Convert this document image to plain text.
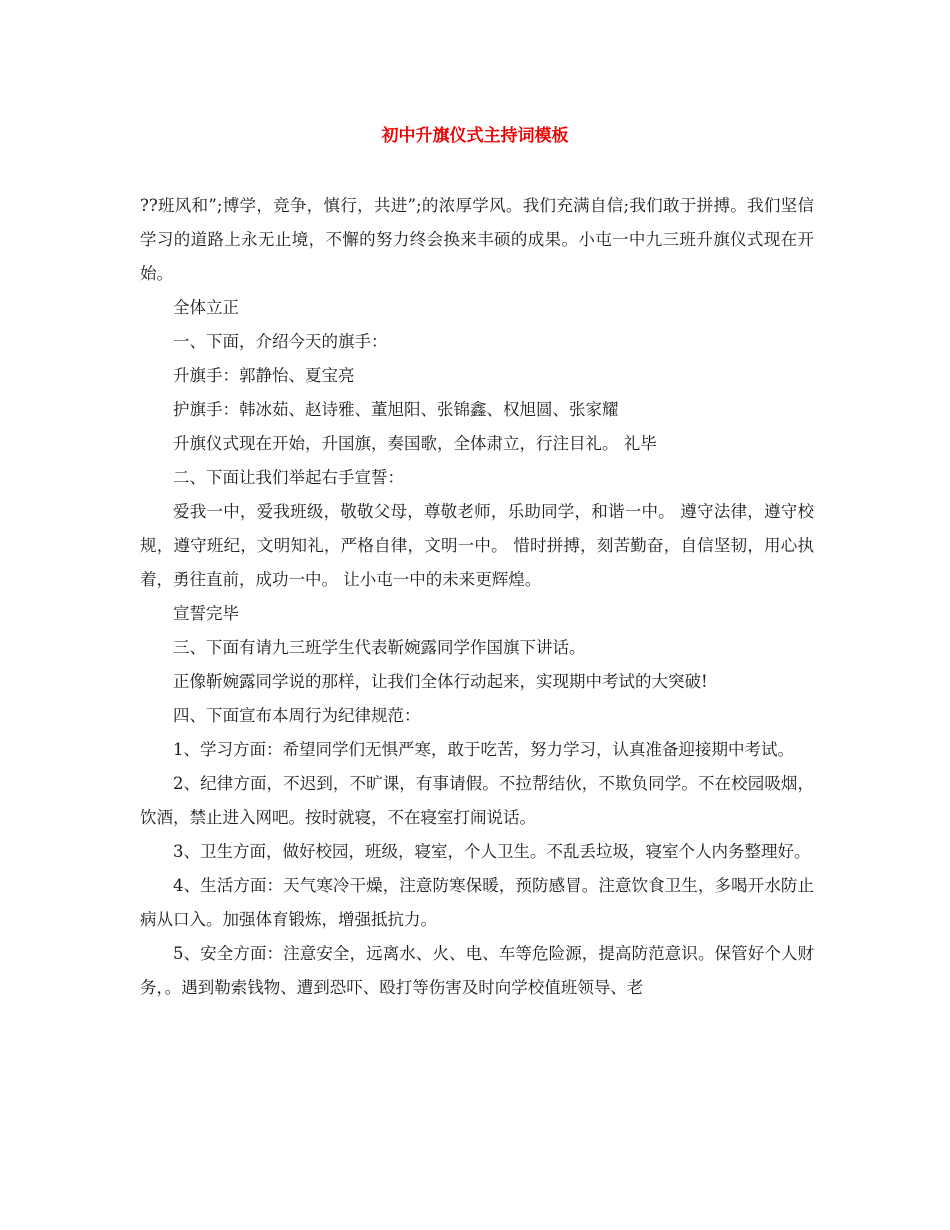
初中升旗仪式主持词模板

??班风和”;博学，竞争，慎行，共进”;的浓厚学风。我们充满自信;我们敢于拼搏。我们坚信学习的道路上永无止境，不懈的努力终会换来丰硕的成果。小屯一中九三班升旗仪式现在开始。

全体立正

一、下面，介绍今天的旗手：

升旗手：郭静怡、夏宝亮

护旗手：韩冰茹、赵诗雅、董旭阳、张锦鑫、权旭圆、张家耀

升旗仪式现在开始，升国旗，奏国歌，全体肃立，行注目礼。 礼毕

二、下面让我们举起右手宣誓：

爱我一中，爱我班级，敬敬父母，尊敬老师，乐助同学，和谐一中。 遵守法律，遵守校规，遵守班纪，文明知礼，严格自律，文明一中。 惜时拼搏，刻苦勤奋，自信坚韧，用心执着，勇往直前，成功一中。 让小屯一中的未来更辉煌。

宣誓完毕

三、下面有请九三班学生代表靳婉露同学作国旗下讲话。

正像靳婉露同学说的那样，让我们全体行动起来，实现期中考试的大突破!

四、下面宣布本周行为纪律规范：

1、学习方面：希望同学们无惧严寒，敢于吃苦，努力学习，认真准备迎接期中考试。

2、纪律方面，不迟到，不旷课，有事请假。不拉帮结伙，不欺负同学。不在校园吸烟，饮酒，禁止进入网吧。按时就寝，不在寝室打闹说话。

3、卫生方面，做好校园，班级，寝室，个人卫生。不乱丢垃圾，寝室个人内务整理好。

4、生活方面：天气寒冷干燥，注意防寒保暖，预防感冒。注意饮食卫生，多喝开水防止病从口入。加强体育锻炼，增强抵抗力。

5、安全方面：注意安全，远离水、火、电、车等危险源，提高防范意识。保管好个人财务，。遇到勒索钱物、遭到恐吓、殴打等伤害及时向学校值班领导、老
